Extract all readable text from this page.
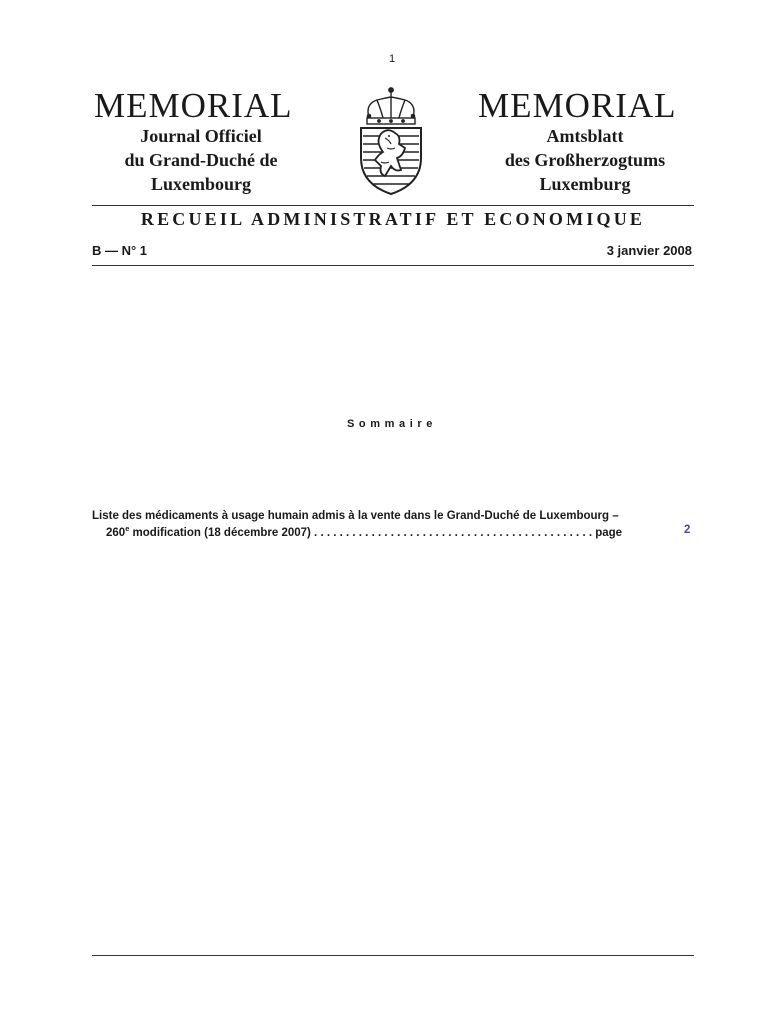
1
MEMORIAL
Journal Officiel
du Grand-Duché de
Luxembourg
MEMORIAL
Amtsblatt
des Großherzogtums
Luxemburg
RECUEIL ADMINISTRATIF ET ECONOMIQUE
B — N° 1	3 janvier 2008
Sommaire
Liste des médicaments à usage humain admis à la vente dans le Grand-Duché de Luxembourg –
260e modification (18 décembre 2007) . . . . . . . . . . . . . . . . . . . . . . . . . . . . . . . . . . . . . . . . . . . . page	2
